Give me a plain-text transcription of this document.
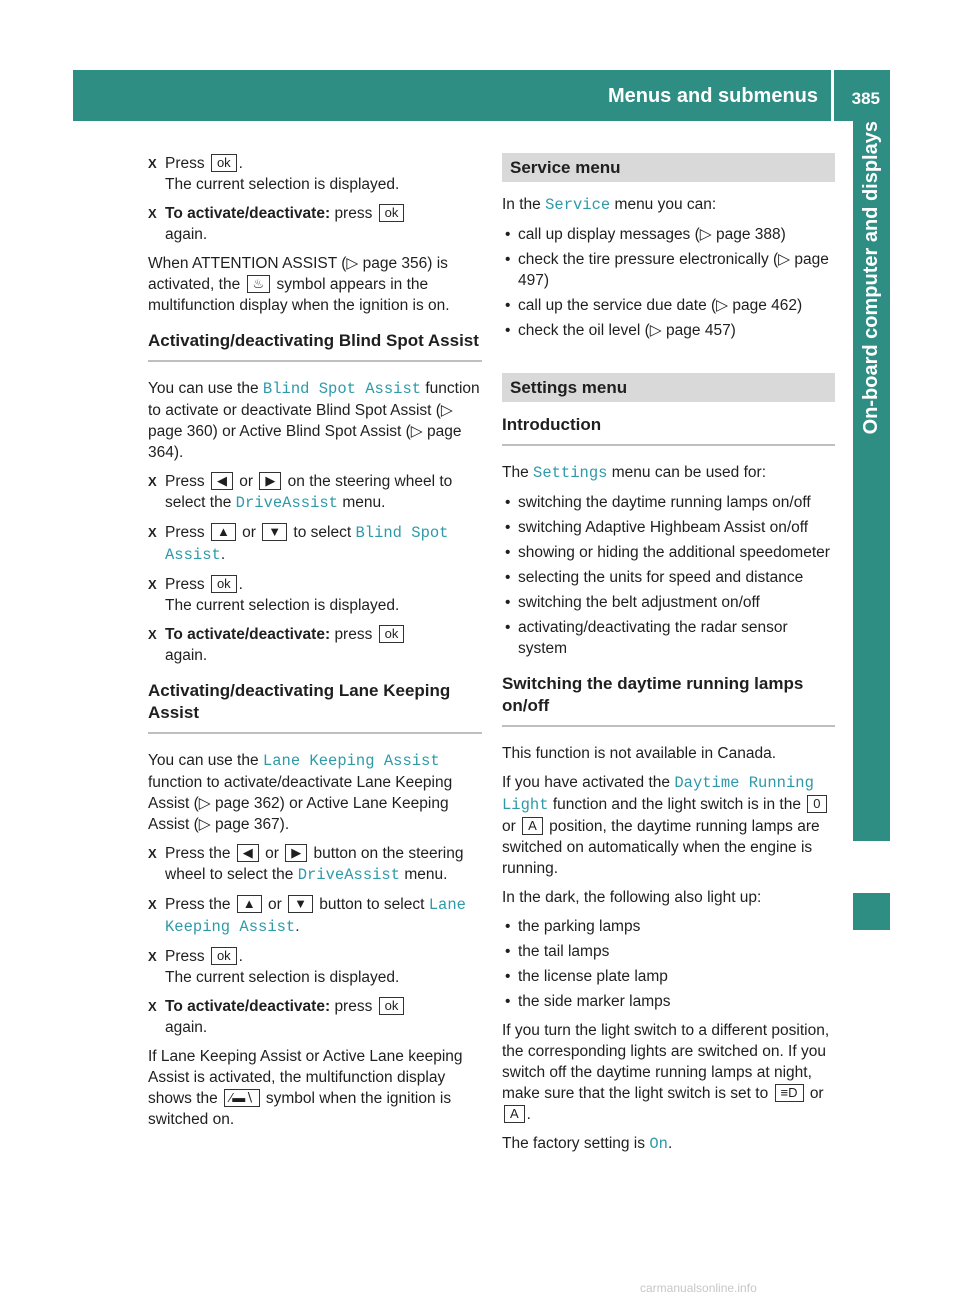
Menus and submenus 385
On-board computer and displays
X Press ok .
The current selection is displayed.
X To activate/deactivate: press ok
again.

When ATTENTION ASSIST (▷ page 356) is activated, the ♨ symbol appears in the multifunction display when the ignition is on.

Activating/deactivating Blind Spot Assist

You can use the Blind Spot Assist function to activate or deactivate Blind Spot Assist (▷ page 360) or Active Blind Spot Assist (▷ page 364).

X Press ◀ or ▶ on the steering wheel to select the DriveAssist menu.
X Press ▲ or ▼ to select Blind Spot Assist.
X Press ok .
The current selection is displayed.
X To activate/deactivate: press ok
again.
Activating/deactivating Lane Keeping Assist

You can use the Lane Keeping Assist function to activate/deactivate Lane Keeping Assist (▷ page 362) or Active Lane Keeping Assist (▷ page 367).

X Press the ◀ or ▶ button on the steering wheel to select the DriveAssist menu.
X Press the ▲ or ▼ button to select Lane Keeping Assist.
X Press ok .
The current selection is displayed.
X To activate/deactivate: press ok
again.

If Lane Keeping Assist or Active Lane keeping Assist is activated, the multifunction display shows the ⁄⁠▬⁠∖ symbol when the ignition is switched on.

Service menu

In the Service menu you can:

• call up display messages (▷ page 388)
• check the tire pressure electronically (▷ page 497)
• call up the service due date (▷ page 462)
• check the oil level (▷ page 457)
Settings menu
Introduction

The Settings menu can be used for:

• switching the daytime running lamps on/off
• switching Adaptive Highbeam Assist on/off
• showing or hiding the additional speedometer
• selecting the units for speed and distance
• switching the belt adjustment on/off
• activating/deactivating the radar sensor system
Switching the daytime running lamps on/off

This function is not available in Canada.

If you have activated the Daytime Running Light function and the light switch is in the 0 or A position, the daytime running lamps are switched on automatically when the engine is running.

In the dark, the following also light up:

• the parking lamps
• the tail lamps
• the license plate lamp
• the side marker lamps

If you turn the light switch to a different position, the corresponding lights are switched on. If you switch off the daytime running lamps at night, make sure that the light switch is set to ≡D or A .

The factory setting is On.

carmanualsonline.info
